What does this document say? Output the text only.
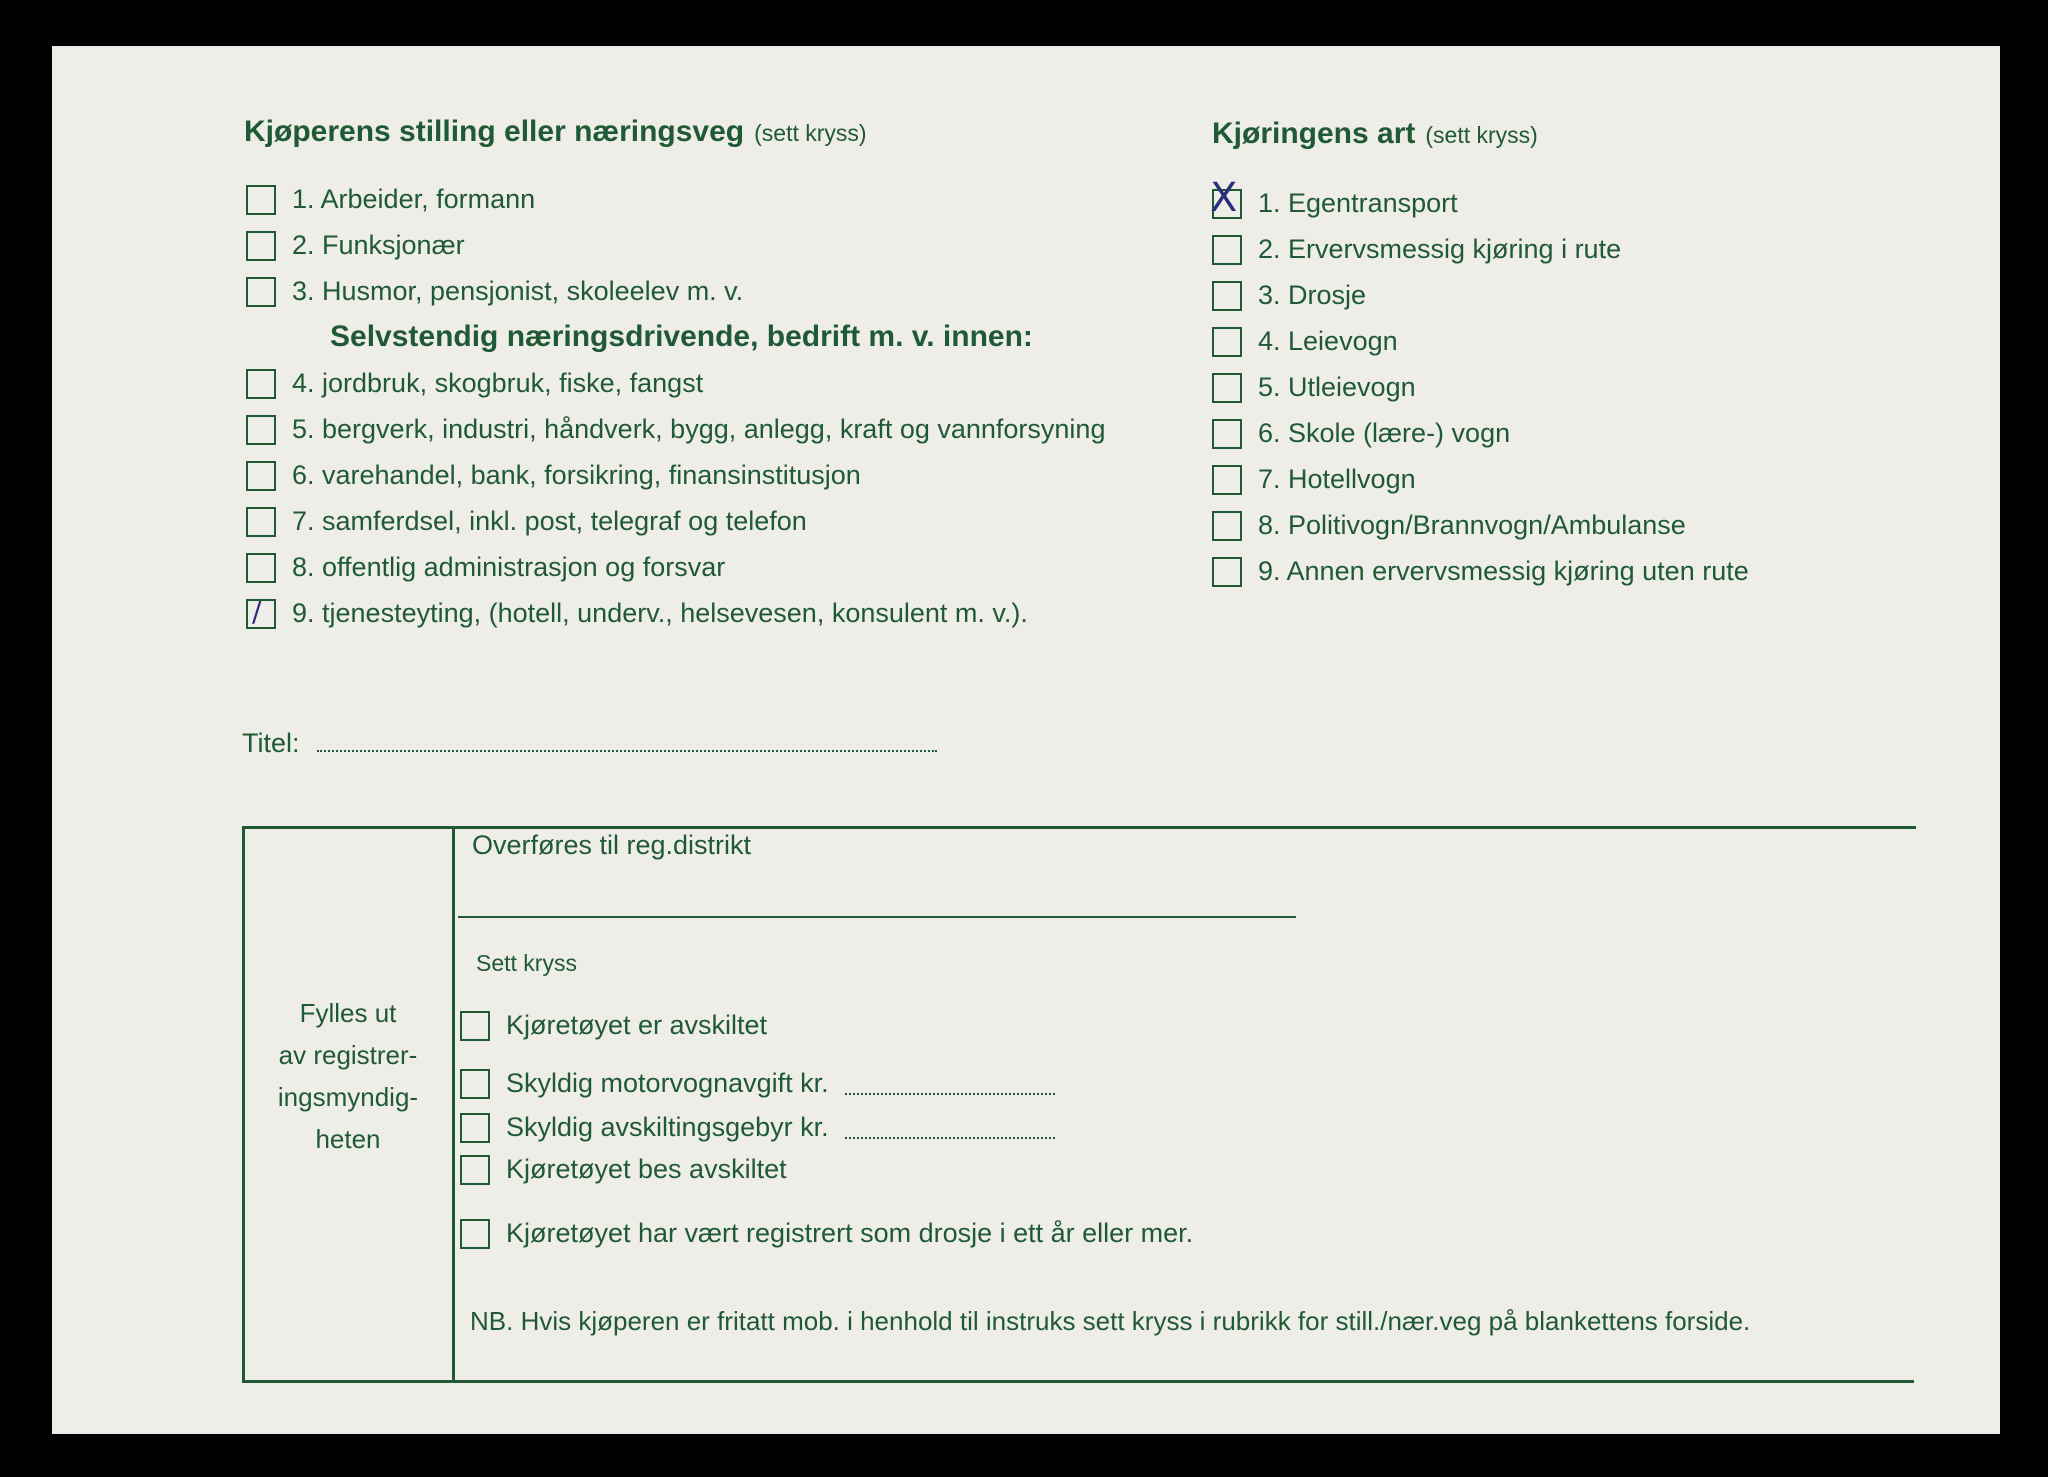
Kjøperens stilling eller næringsveg (sett kryss)
1. Arbeider, formann
2. Funksjonær
3. Husmor, pensjonist, skoleelev m. v.
Selvstendig næringsdrivende, bedrift m. v. innen:
4. jordbruk, skogbruk, fiske, fangst
5. bergverk, industri, håndverk, bygg, anlegg, kraft og vannforsyning
6. varehandel, bank, forsikring, finansinstitusjon
7. samferdsel, inkl. post, telegraf og telefon
8. offentlig administrasjon og forsvar
/ 9. tjenesteyting, (hotell, underv., helsevesen, konsulent m. v.).
Titel:
Kjøringens art (sett kryss)
X 1. Egentransport
2. Ervervsmessig kjøring i rute
3. Drosje
4. Leievogn
5. Utleievogn
6. Skole (lære-) vogn
7. Hotellvogn
8. Politivogn/Brannvogn/Ambulanse
9. Annen ervervsmessig kjøring uten rute
Fylles ut
av registrer-
ingsmyndig-
heten
Overføres til reg.distrikt
Sett kryss
Kjøretøyet er avskiltet
Skyldig motorvognavgift kr.
Skyldig avskiltingsgebyr kr.
Kjøretøyet bes avskiltet
Kjøretøyet har vært registrert som drosje i ett år eller mer.
NB. Hvis kjøperen er fritatt mob. i henhold til instruks sett kryss i rubrikk for still./nær.veg på blankettens forside.
